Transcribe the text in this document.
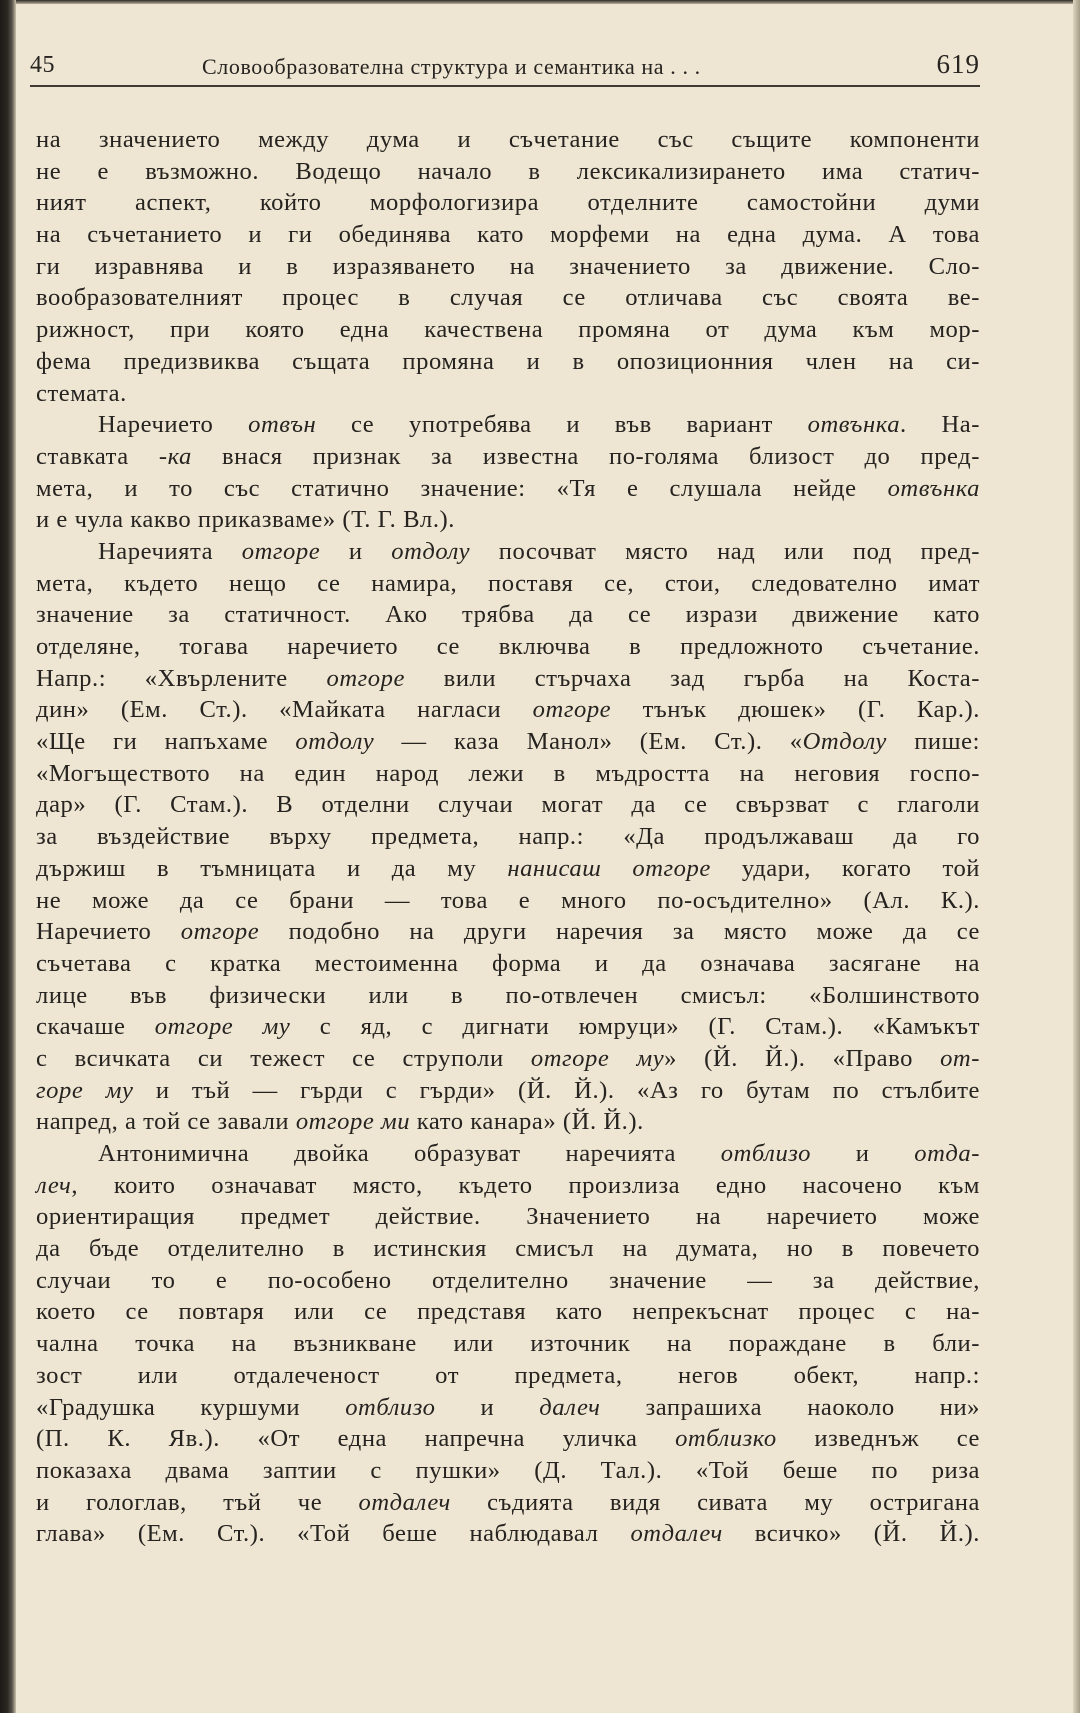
45	Словообразователна структура и семантика на . . .	619
на значението между дума и съчетание със същите компоненти
не е възможно. Водещо начало в лексикализирането има статич-
ният аспект, който морфологизира отделните самостойни думи
на съчетанието и ги обединява като морфеми на една дума. А това
ги изравнява и в изразяването на значението за движение. Сло-
вообразователният процес в случая се отличава със своята ве-
рижност, при която една качествена промяна от дума към мор-
фема предизвиква същата промяна и в опозиционния член на си-
стемата.
Наречието отвън се употребява и във вариант отвънка. На-
ставката -ка внася признак за известна по-голяма близост до пред-
мета, и то със статично значение: «Тя е слушала нейде отвънка
и е чула какво приказваме» (Т. Г. Вл.).
Наречията отгоре и отдолу посочват място над или под пред-
мета, където нещо се намира, поставя се, стои, следователно имат
значение за статичност. Ако трябва да се изрази движение като
отделяне, тогава наречието се включва в предложното съчетание.
Напр.: «Хвърлените отгоре вили стърчаха зад гърба на Коста-
дин» (Ем. Ст.). «Майката нагласи отгоре тънък дюшек» (Г. Кар.).
«Ще ги напъхаме отдолу — каза Манол» (Ем. Ст.). «Отдолу пише:
«Могъществото на един народ лежи в мъдростта на неговия госпо-
дар» (Г. Стам.). В отделни случаи могат да се свързват с глаголи
за въздействие върху предмета, напр.: «Да продължаваш да го
държиш в тъмницата и да му нанисаш отгоре удари, когато той
не може да се брани — това е много по-осъдително» (Ал. К.).
Наречието отгоре подобно на други наречия за място може да се
съчетава с кратка местоименна форма и да означава засягане на
лице във физически или в по-отвлечен смисъл: «Болшинството
скачаше отгоре му с яд, с дигнати юмруци» (Г. Стам.). «Камъкът
с всичката си тежест се струполи отгоре му» (Й. Й.). «Право от-
горе му и тъй — гърди с гърди» (Й. Й.). «Аз го бутам по стълбите
напред, а той се завали отгоре ми като канара» (Й. Й.).
Антонимична двойка образуват наречията отблизо и отда-
леч, които означават място, където произлиза едно насочено към
ориентиращия предмет действие. Значението на наречието може
да бъде отделително в истинския смисъл на думата, но в повечето
случаи то е по-особено отделително значение — за действие,
което се повтаря или се представя като непрекъснат процес с на-
чална точка на възникване или източник на пораждане в бли-
зост или отдалеченост от предмета, негов обект, напр.:
«Градушка куршуми отблизо и далеч запрашиха наоколо ни»
(П. К. Яв.). «От една напречна уличка отблизко изведнъж се
показаха двама заптии с пушки» (Д. Тал.). «Той беше по риза
и гологлав, тъй че отдалеч съдията видя сивата му остригана
глава» (Ем. Ст.). «Той беше наблюдавал отдалеч всичко» (Й. Й.).
